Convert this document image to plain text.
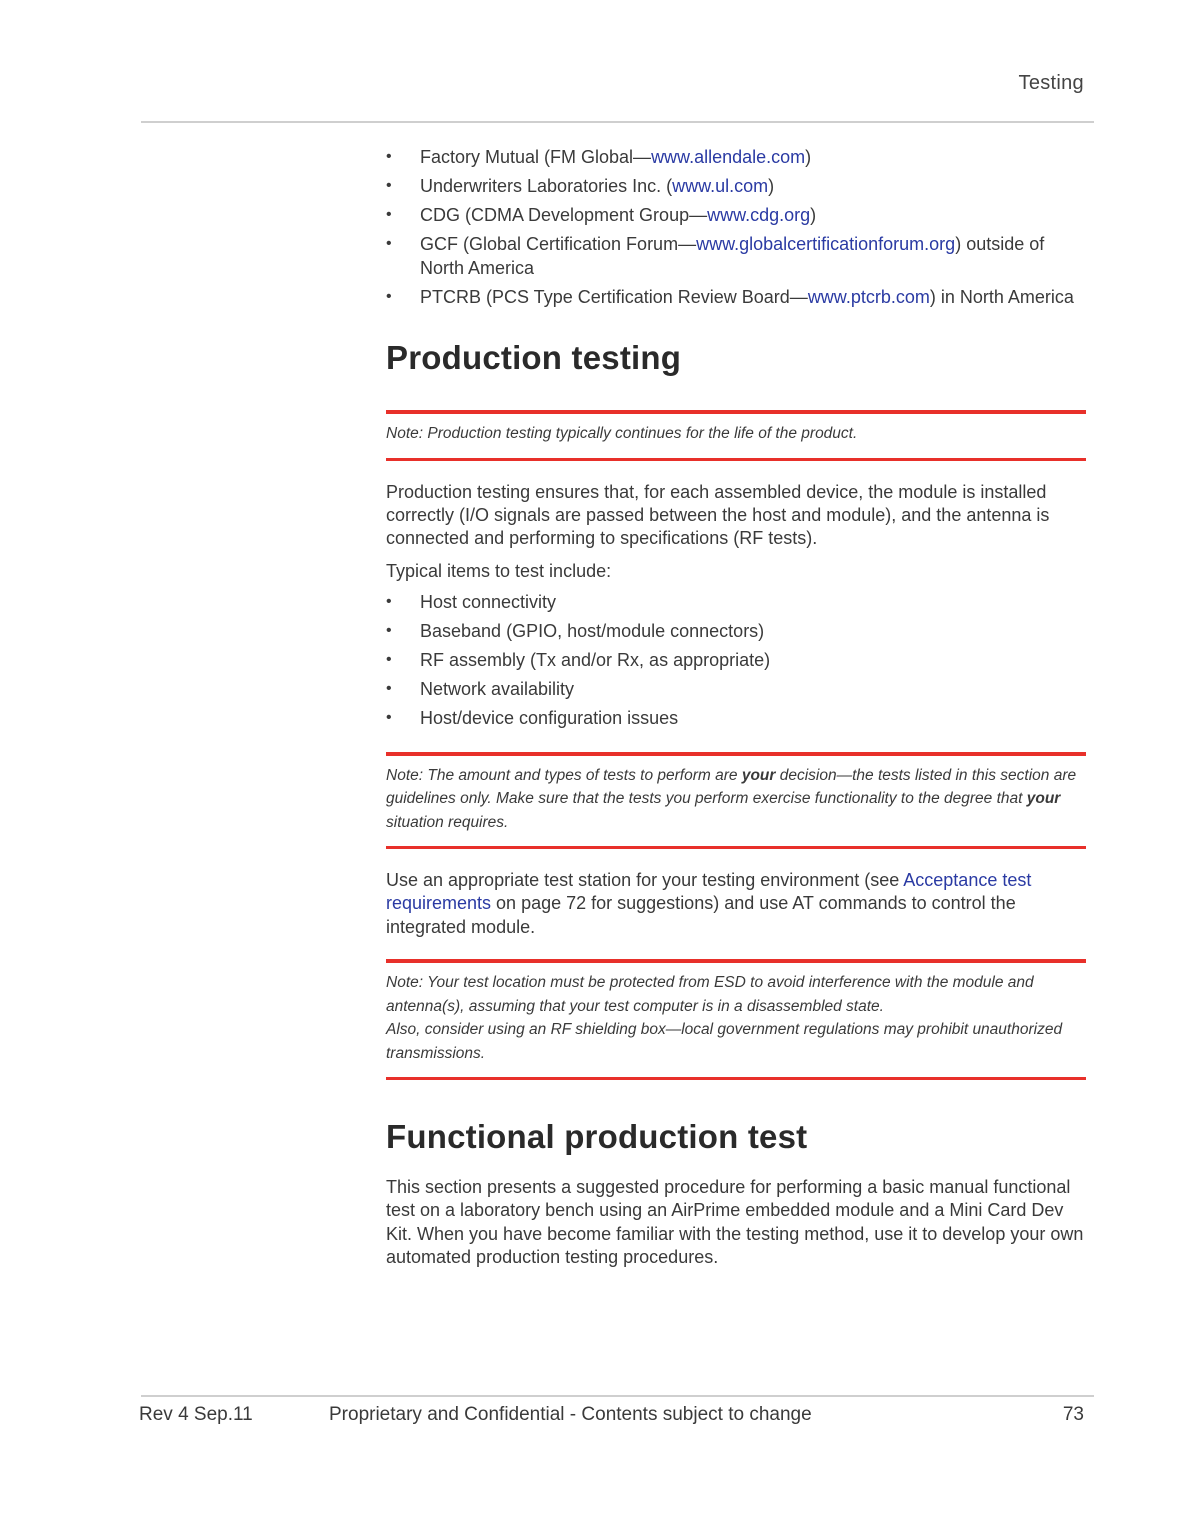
Testing
• Factory Mutual (FM Global—www.allendale.com)
• Underwriters Laboratories Inc. (www.ul.com)
• CDG (CDMA Development Group—www.cdg.org)
• GCF (Global Certification Forum—www.globalcertificationforum.org) outside of North America
• PTCRB (PCS Type Certification Review Board—www.ptcrb.com) in North America
Production testing

Note: Production testing typically continues for the life of the product.

Production testing ensures that, for each assembled device, the module is installed correctly (I/O signals are passed between the host and module), and the antenna is connected and performing to specifications (RF tests).

Typical items to test include:

• Host connectivity
• Baseband (GPIO, host/module connectors)
• RF assembly (Tx and/or Rx, as appropriate)
• Network availability
• Host/device configuration issues

Note: The amount and types of tests to perform are your decision—the tests listed in this section are guidelines only. Make sure that the tests you perform exercise functionality to the degree that your situation requires.

Use an appropriate test station for your testing environment (see Acceptance test requirements on page 72 for suggestions) and use AT commands to control the integrated module.

Note: Your test location must be protected from ESD to avoid interference with the module and antenna(s), assuming that your test computer is in a disassembled state.

Also, consider using an RF shielding box—local government regulations may prohibit unauthorized transmissions.

Functional production test

This section presents a suggested procedure for performing a basic manual functional test on a laboratory bench using an AirPrime embedded module and a Mini Card Dev Kit. When you have become familiar with the testing method, use it to develop your own automated production testing procedures.

Rev 4 Sep.11	Proprietary and Confidential - Contents subject to change	73
